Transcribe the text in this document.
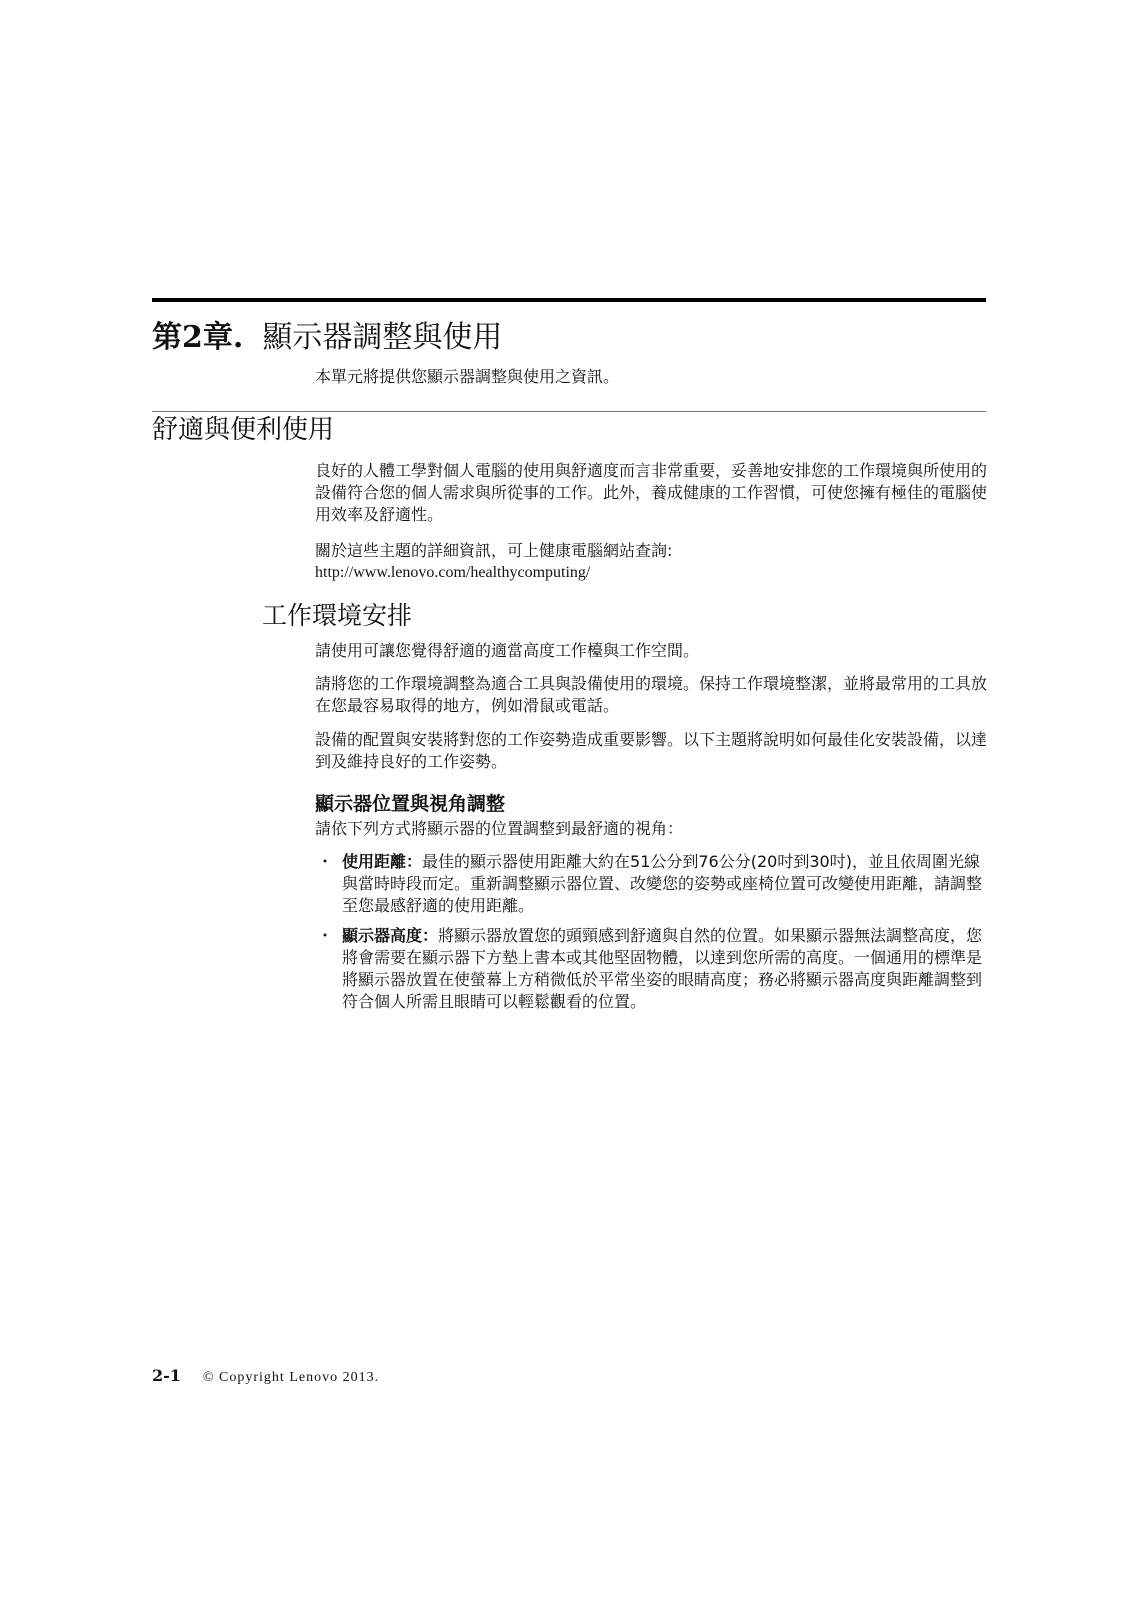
第2章. 顯示器調整與使用

本單元將提供您顯示器調整與使用之資訊。

舒適與便利使用

良好的人體工學對個人電腦的使用與舒適度而言非常重要，妥善地安排您的工作環境與所使用的設備符合您的個人需求與所從事的工作。此外，養成健康的工作習慣，可使您擁有極佳的電腦使用效率及舒適性。

關於這些主題的詳細資訊，可上健康電腦網站查詢:
http://www.lenovo.com/healthycomputing/
工作環境安排

請使用可讓您覺得舒適的適當高度工作檯與工作空間。

請將您的工作環境調整為適合工具與設備使用的環境。保持工作環境整潔，並將最常用的工具放在您最容易取得的地方，例如滑鼠或電話。

設備的配置與安裝將對您的工作姿勢造成重要影響。以下主題將說明如何最佳化安裝設備，以達到及維持良好的工作姿勢。

顯示器位置與視角調整

請依下列方式將顯示器的位置調整到最舒適的視角：

・ 使用距離：最佳的顯示器使用距離大約在51公分到76公分(20吋到30吋)，並且依周圍光線與當時時段而定。重新調整顯示器位置、改變您的姿勢或座椅位置可改變使用距離，請調整至您最感舒適的使用距離。
・ 顯示器高度：將顯示器放置您的頭頸感到舒適與自然的位置。如果顯示器無法調整高度，您將會需要在顯示器下方墊上書本或其他堅固物體，以達到您所需的高度。一個通用的標準是將顯示器放置在使螢幕上方稍微低於平常坐姿的眼睛高度；務必將顯示器高度與距離調整到符合個人所需且眼睛可以輕鬆觀看的位置。
2-1 © Copyright Lenovo 2013.
